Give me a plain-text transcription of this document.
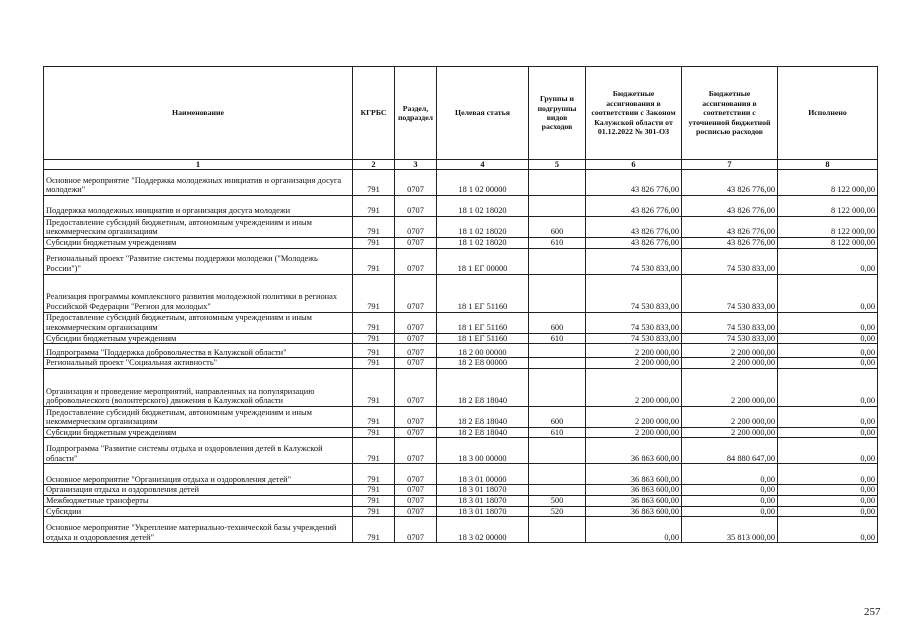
Наименование	КГРБС	Раздел, подраздел	Целевая статья	Группы и подгруппы видов расходов	Бюджетные ассигнования в соответствии с Законом Калужской области от 01.12.2022 № 301-ОЗ	Бюджетные ассигнования в соответствии с уточненной бюджетной росписью расходов	Исполнено
1	2	3	4	5	6	7	8
Основное мероприятие "Поддержка молодежных инициатив и организация досуга молодежи"	791	0707	18 1 02 00000		43 826 776,00	43 826 776,00	8 122 000,00
Поддержка молодежных инициатив и организация досуга молодежи	791	0707	18 1 02 18020		43 826 776,00	43 826 776,00	8 122 000,00
Предоставление субсидий бюджетным, автономным учреждениям и иным некоммерческим организациям	791	0707	18 1 02 18020	600	43 826 776,00	43 826 776,00	8 122 000,00
Субсидии бюджетным учреждениям	791	0707	18 1 02 18020	610	43 826 776,00	43 826 776,00	8 122 000,00
Региональный проект "Развитие системы поддержки молодежи ("Молодежь России")"	791	0707	18 1 ЕГ 00000		74 530 833,00	74 530 833,00	0,00
Реализация программы комплексного развития молодежной политики в регионах Российской Федерации "Регион для молодых"	791	0707	18 1 ЕГ 51160		74 530 833,00	74 530 833,00	0,00
Предоставление субсидий бюджетным, автономным учреждениям и иным некоммерческим организациям	791	0707	18 1 ЕГ 51160	600	74 530 833,00	74 530 833,00	0,00
Субсидии бюджетным учреждениям	791	0707	18 1 ЕГ 51160	610	74 530 833,00	74 530 833,00	0,00
Подпрограмма "Поддержка добровольчества в Калужской области"	791	0707	18 2 00 00000		2 200 000,00	2 200 000,00	0,00
Региональный проект "Социальная активность"	791	0707	18 2 Е8 00000		2 200 000,00	2 200 000,00	0,00
Организация и проведение мероприятий, направленных на популяризацию добровольческого (волонтерского) движения в Калужской области	791	0707	18 2 Е8 18040		2 200 000,00	2 200 000,00	0,00
Предоставление субсидий бюджетным, автономным учреждениям и иным некоммерческим организациям	791	0707	18 2 Е8 18040	600	2 200 000,00	2 200 000,00	0,00
Субсидии бюджетным учреждениям	791	0707	18 2 Е8 18040	610	2 200 000,00	2 200 000,00	0,00
Подпрограмма "Развитие системы отдыха и оздоровления детей в Калужской области"	791	0707	18 3 00 00000		36 863 600,00	84 880 647,00	0,00
Основное мероприятие "Организация отдыха и оздоровления детей"	791	0707	18 3 01 00000		36 863 600,00	0,00	0,00
Организация отдыха и оздоровления детей	791	0707	18 3 01 18070		36 863 600,00	0,00	0,00
Межбюджетные трансферты	791	0707	18 3 01 18070	500	36 863 600,00	0,00	0,00
Субсидии	791	0707	18 3 01 18070	520	36 863 600,00	0,00	0,00
Основное мероприятие "Укрепление материально-технической базы учреждений отдыха и оздоровления детей"	791	0707	18 3 02 00000		0,00	35 813 000,00	0,00
257
